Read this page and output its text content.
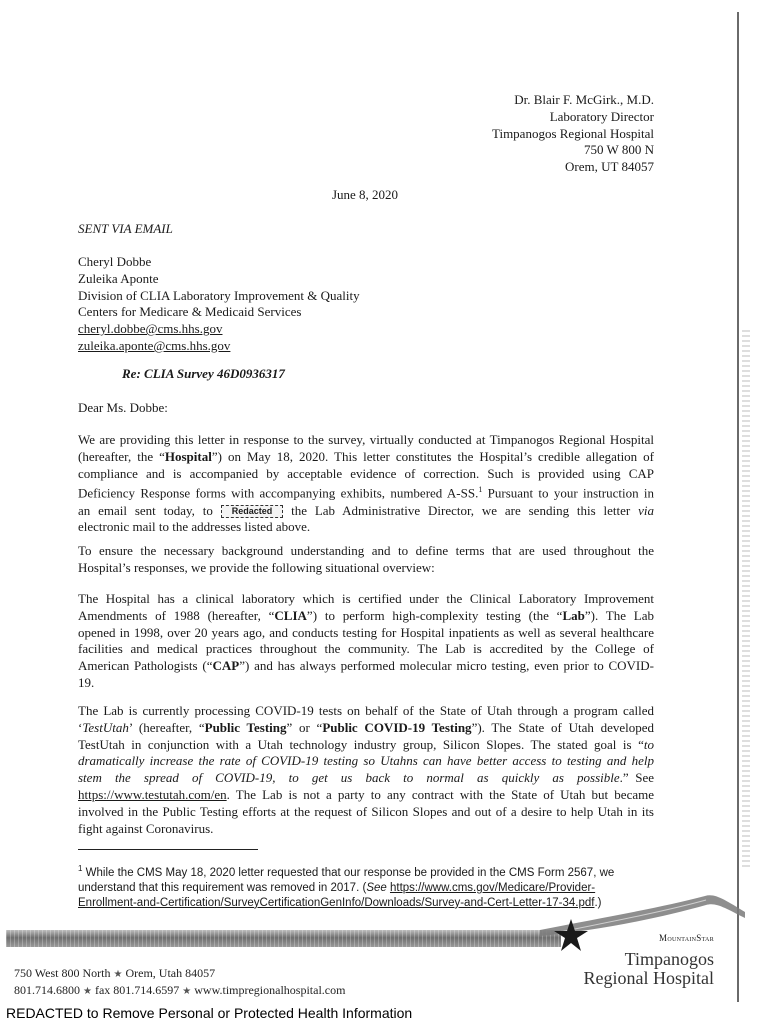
Dr. Blair F. McGirk., M.D.
Laboratory Director
Timpanogos Regional Hospital
750 W 800 N
Orem, UT 84057
June 8, 2020
SENT VIA EMAIL
Cheryl Dobbe
Zuleika Aponte
Division of CLIA Laboratory Improvement & Quality
Centers for Medicare & Medicaid Services
cheryl.dobbe@cms.hhs.gov
zuleika.aponte@cms.hhs.gov
Re: CLIA Survey 46D0936317
Dear Ms. Dobbe:
We are providing this letter in response to the survey, virtually conducted at Timpanogos Regional Hospital
(hereafter, the “Hospital”) on May 18, 2020. This letter constitutes the Hospital’s credible allegation of
compliance and is accompanied by acceptable evidence of correction. Such is provided using CAP
Deficiency Response forms with accompanying exhibits, numbered A-SS.$^1$ Pursuant to your instruction in
an email sent today, to Redacted the Lab Administrative Director, we are sending this letter via
electronic mail to the addresses listed above.
To ensure the necessary background understanding and to define terms that are used throughout the
Hospital’s responses, we provide the following situational overview:
The Hospital has a clinical laboratory which is certified under the Clinical Laboratory Improvement
Amendments of 1988 (hereafter, “CLIA”) to perform high-complexity testing (the “Lab”). The Lab
opened in 1998, over 20 years ago, and conducts testing for Hospital inpatients as well as several healthcare
facilities and medical practices throughout the community. The Lab is accredited by the College of
American Pathologists (“CAP”) and has always performed molecular micro testing, even prior to COVID-
19.
The Lab is currently processing COVID-19 tests on behalf of the State of Utah through a program called
‘TestUtah’ (hereafter, “Public Testing” or “Public COVID-19 Testing”). The State of Utah developed
TestUtah in conjunction with a Utah technology industry group, Silicon Slopes. The stated goal is “to
dramatically increase the rate of COVID-19 testing so Utahns can have better access to testing and help
stem  the  spread  of  COVID-19,  to  get  us  back  to  normal  as  quickly  as  possible.” See
https://www.testutah.com/en. The Lab is not a party to any contract with the State of Utah but became
involved in the Public Testing efforts at the request of Silicon Slopes and out of a desire to help Utah in its
fight against Coronavirus.
$^1$ While the CMS May 18, 2020 letter requested that our response be provided in the CMS Form 2567, we
understand that this requirement was removed in 2017. (See https://www.cms.gov/Medicare/Provider-
Enrollment-and-Certification/SurveyCertificationGenInfo/Downloads/Survey-and-Cert-Letter-17-34.pdf.)
MountainStar
Timpanogos
Regional Hospital
750 West 800 North ★ Orem, Utah 84057
801.714.6800 ★ fax 801.714.6597 ★ www.timpregionalhospital.com
REDACTED to Remove Personal or Protected Health Information
